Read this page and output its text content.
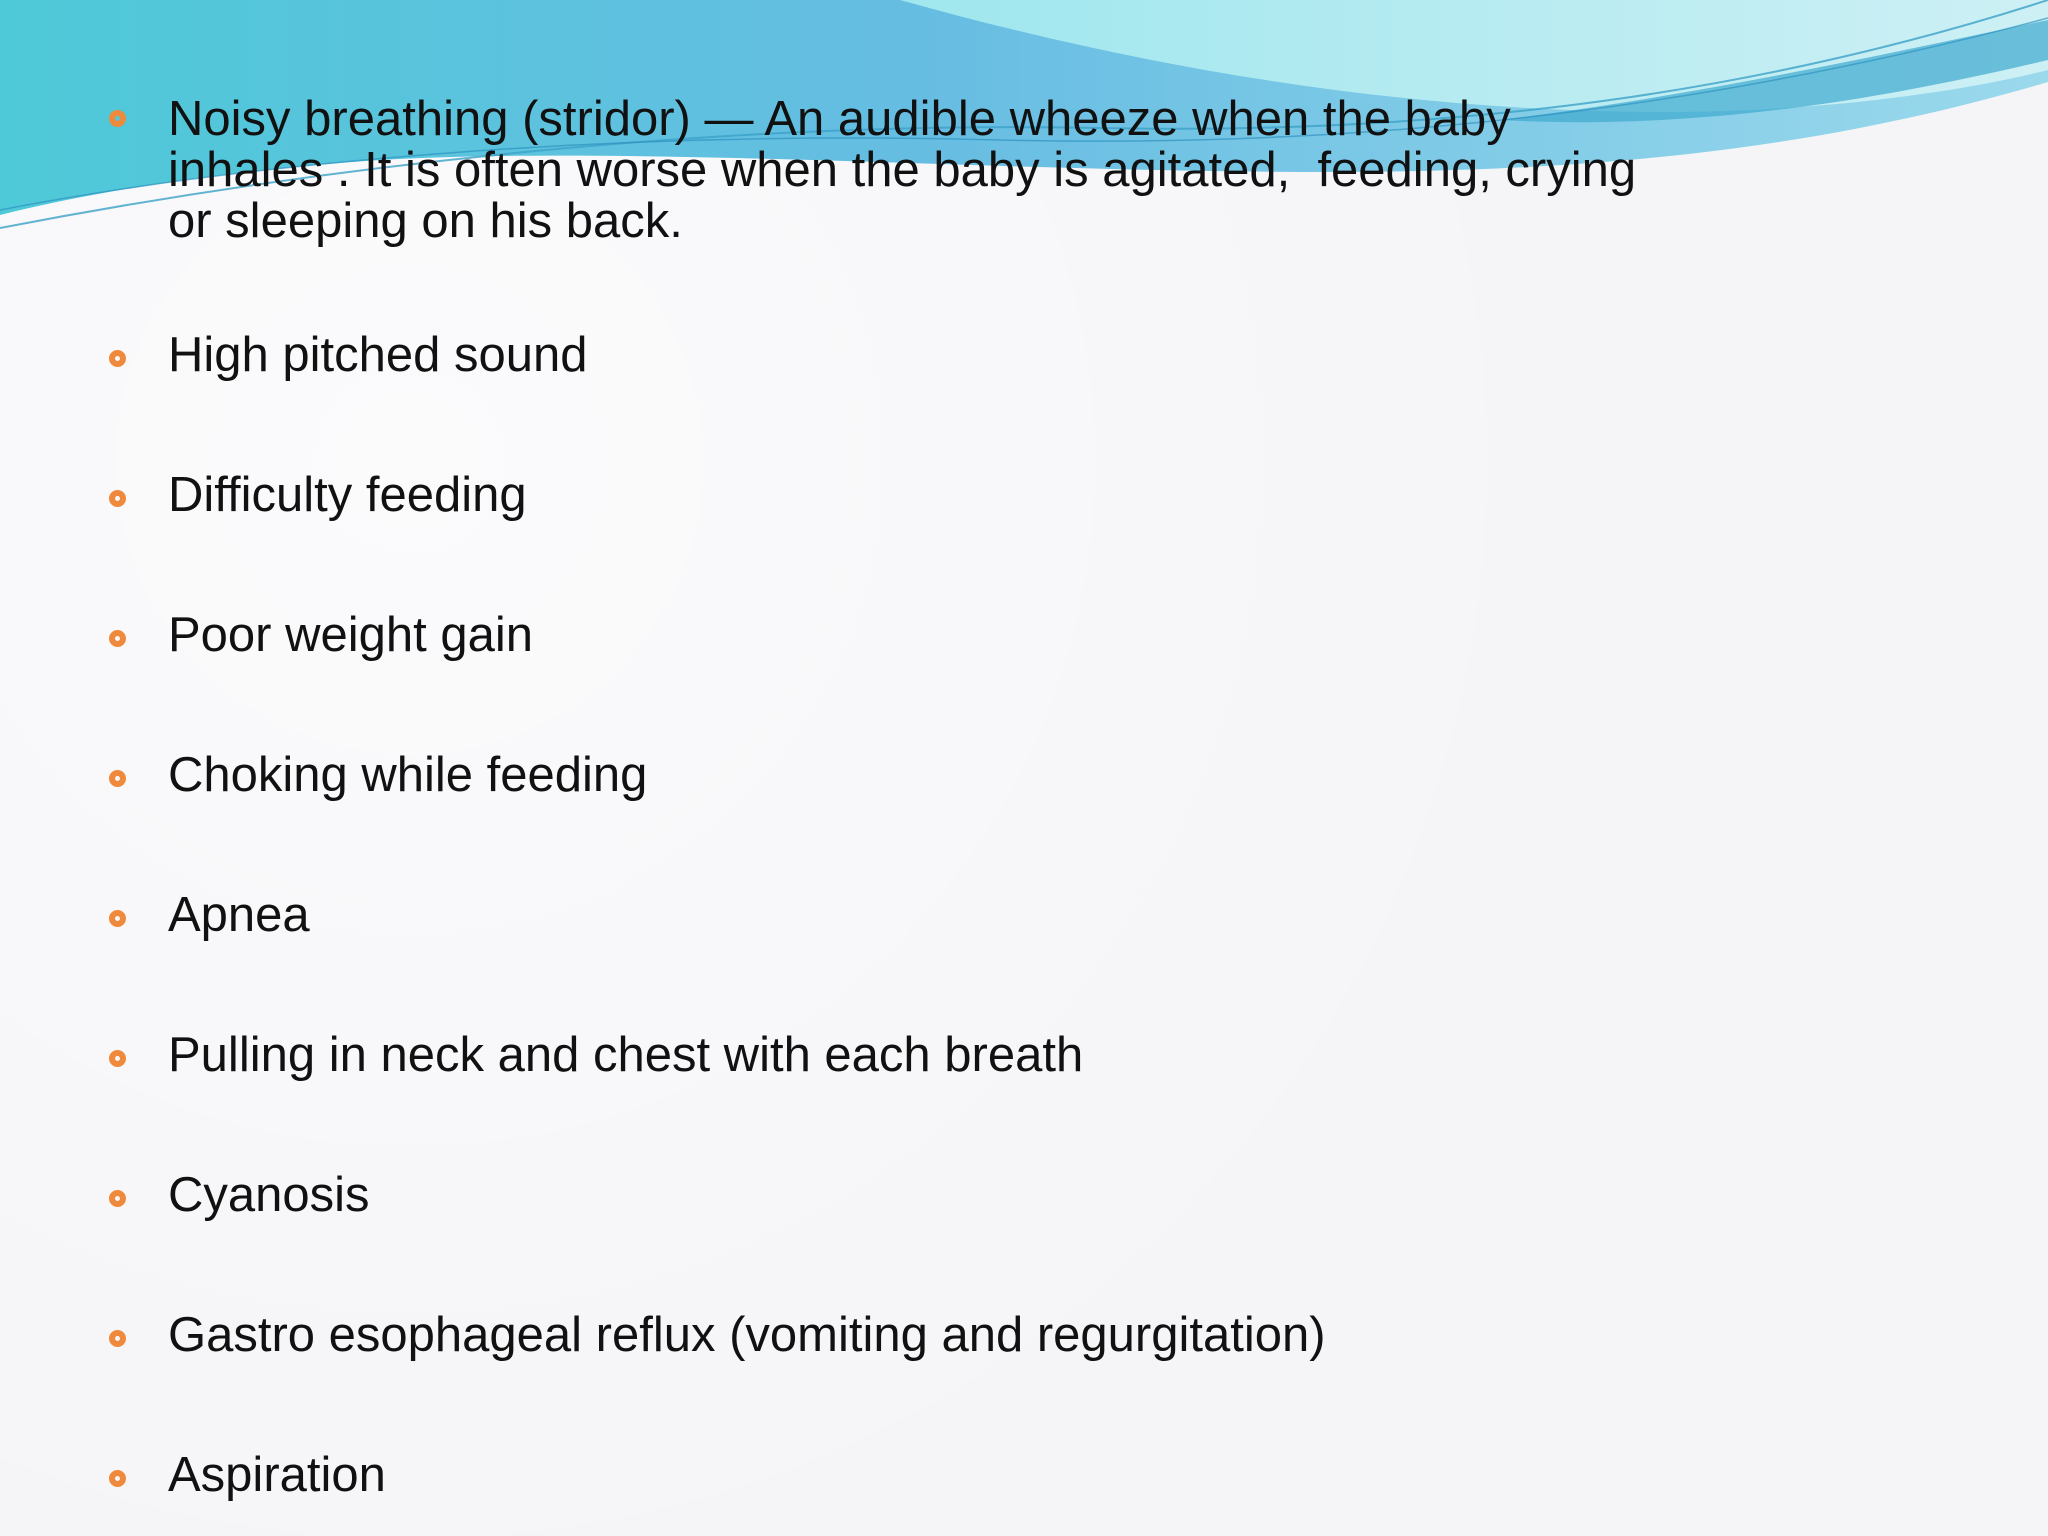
Noisy breathing (stridor) — An audible wheeze when the baby inhales . It is often worse when the baby is agitated,  feeding, crying or sleeping on his back.
High pitched sound
Difficulty feeding
Poor weight gain
Choking while feeding
Apnea
Pulling in neck and chest with each breath
Cyanosis
Gastro esophageal reflux (vomiting and regurgitation)
Aspiration
